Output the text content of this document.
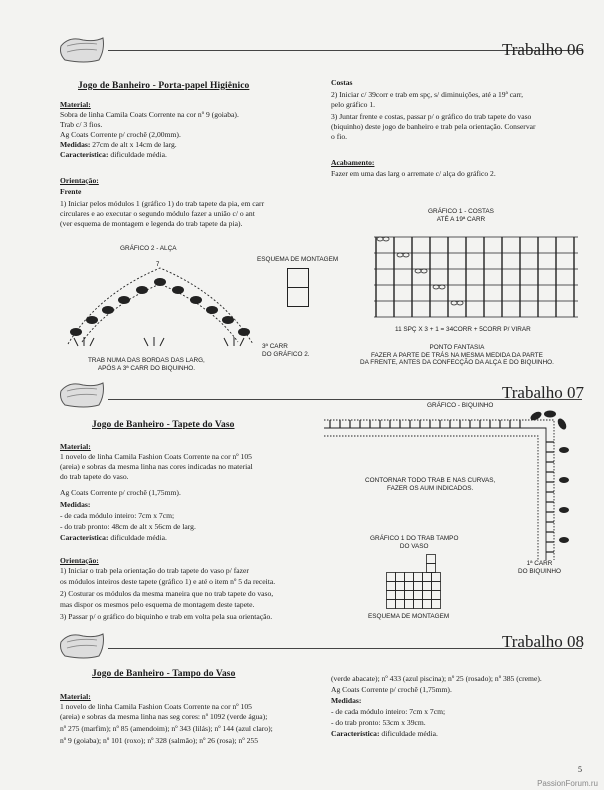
Trabalho 06
Jogo de Banheiro - Porta-papel Higiênico
Material:
Sobra de linha Camila Coats Corrente na cor nº 9 (goiaba).
Trab c/ 3 fios.
Ag Coats Corrente p/ crochê (2,00mm).
Medidas: 27cm de alt x 14cm de larg.
Característica: dificuldade média.
Orientação:
Frente
1) Iniciar pelos módulos 1 (gráfico 1) do trab tapete da pia, em carr
circulares e ao executar o segundo módulo fazer a união c/ o ant
(ver esquema de montagem e legenda do trab tapete da pia).
Costas
2) Iniciar c/ 39corr e trab em spç, s/ diminuições, até a 19ª carr,
pelo gráfico 1.
3) Juntar frente e costas, passar p/ o gráfico do trab tapete do vaso
(biquinho) deste jogo de banheiro e trab pela orientação. Conservar
o fio.
Acabamento:
Fazer em uma das larg o arremate c/ alça do gráfico 2.
GRÁFICO 2 - ALÇA
7
TRAB NUMA DAS BORDAS DAS LARG,
APÓS A 3ª CARR DO BIQUINHO.
3ª CARR
DO GRÁFICO 2.
ESQUEMA DE MONTAGEM
GRÁFICO 1 - COSTAS
ATÉ A 19ª CARR
11 SPÇ X 3 + 1 = 34CORR + 5CORR P/ VIRAR
PONTO FANTASIA
FAZER A PARTE DE TRÁS NA MESMA MEDIDA DA PARTE
DA FRENTE, ANTES DA CONFECÇÃO DA ALÇA E DO BIQUINHO.
Trabalho 07
Jogo de Banheiro - Tapete do Vaso
Material:
1 novelo de linha Camila Fashion Coats Corrente na cor nº 105
(areia) e sobras da mesma linha nas cores indicadas no material
do trab tapete do vaso.
Ag Coats Corrente p/ crochê (1,75mm).
Medidas:
- de cada módulo inteiro: 7cm x 7cm;
- do trab pronto: 48cm de alt x 56cm de larg.
Característica: dificuldade média.
Orientação:
1) Iniciar o trab pela orientação do trab tapete do vaso p/ fazer
os módulos inteiros deste tapete (gráfico 1) e até o item nº 5 da receita.
2) Costurar os módulos da mesma maneira que no trab tapete do vaso,
mas dispor os mesmos pelo esquema de montagem deste tapete.
3) Passar p/ o gráfico do biquinho e trab em volta pela sua orientação.
GRÁFICO - BIQUINHO
CONTORNAR TODO TRAB E NAS CURVAS,
FAZER OS AUM INDICADOS.
GRÁFICO 1 DO TRAB TAMPO
DO VASO
ESQUEMA DE MONTAGEM
1ª CARR
DO BIQUINHO
Trabalho 08
Jogo de Banheiro - Tampo do Vaso
Material:
1 novelo de linha Camila Fashion Coats Corrente na cor nº 105
(areia) e sobras da mesma linha nas seg cores: nº 1092 (verde água);
nº 275 (marfim); nº 85 (amendoim); nº 343 (lilás); nº 144 (azul claro);
nº 9 (goiaba); nº 101 (roxo); nº 328 (salmão); nº 26 (rosa); nº 255
(verde abacate); nº 433 (azul piscina); nº 25 (rosado); nº 385 (creme).
Ag Coats Corrente p/ crochê (1,75mm).
Medidas:
- de cada módulo inteiro: 7cm x 7cm;
- do trab pronto: 53cm x 39cm.
Característica: dificuldade média.
5
PassionForum.ru
